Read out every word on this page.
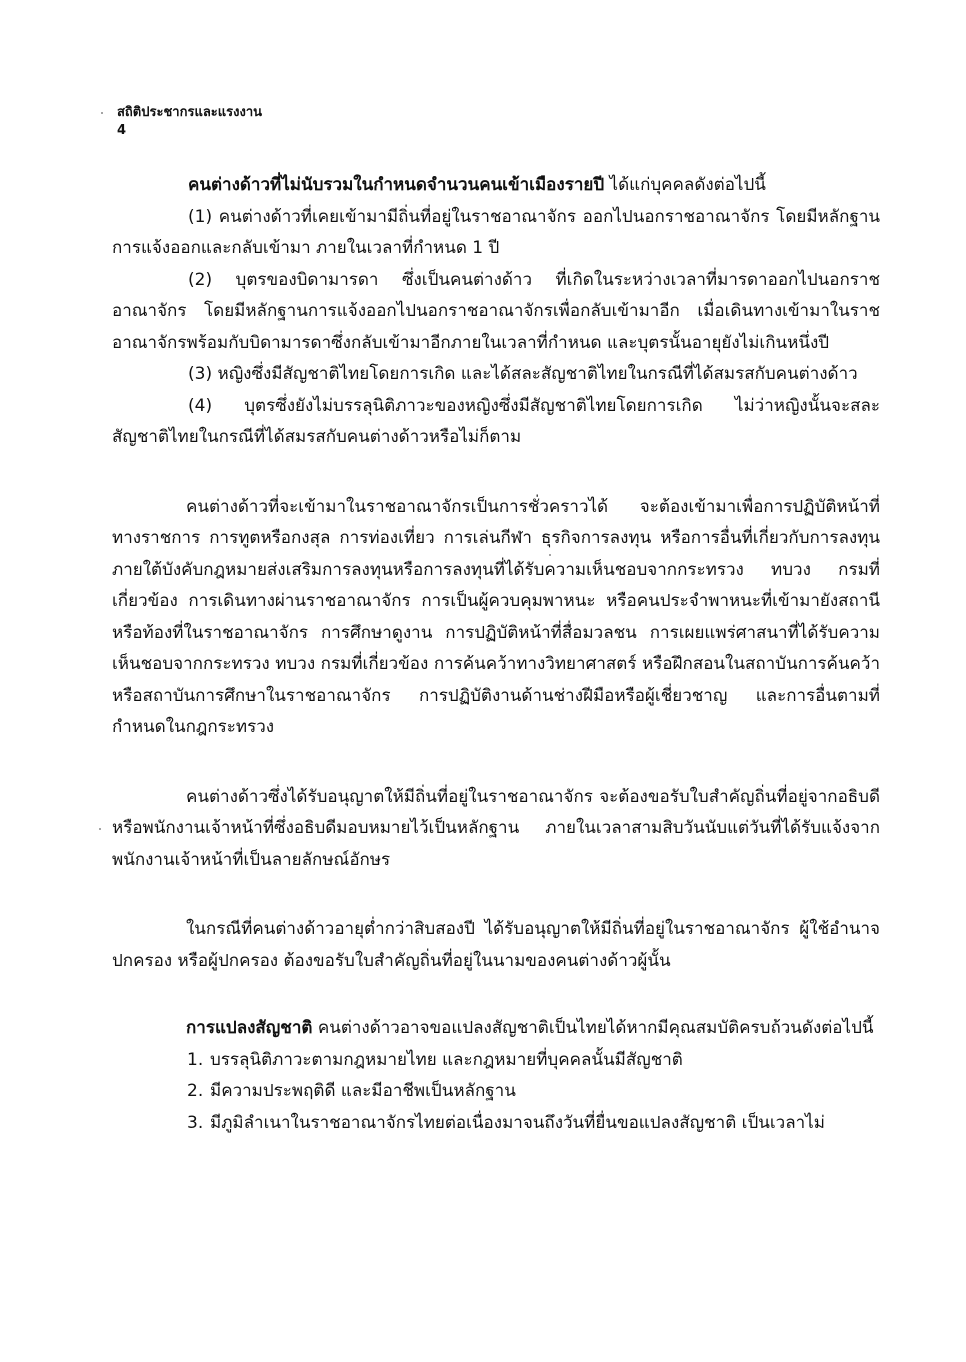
สถิติประชากรและแรงงาน
4

คนต่างด้าวที่ไม่นับรวมในกำหนดจำนวนคนเข้าเมืองรายปี ได้แก่บุคคลดังต่อไปนี้

(1) คนต่างด้าวที่เคยเข้ามามีถิ่นที่อยู่ในราชอาณาจักร ออกไปนอกราชอาณาจักร โดยมีหลักฐานการแจ้งออกและกลับเข้ามา ภายในเวลาที่กำหนด 1 ปี

(2) บุตรของบิดามารดา ซึ่งเป็นคนต่างด้าว ที่เกิดในระหว่างเวลาที่มารดาออกไปนอกราชอาณาจักร โดยมีหลักฐานการแจ้งออกไปนอกราชอาณาจักรเพื่อกลับเข้ามาอีก เมื่อเดินทางเข้ามาในราชอาณาจักรพร้อมกับบิดามารดาซึ่งกลับเข้ามาอีกภายในเวลาที่กำหนด และบุตรนั้นอายุยังไม่เกินหนึ่งปี

(3) หญิงซึ่งมีสัญชาติไทยโดยการเกิด และได้สละสัญชาติไทยในกรณีที่ได้สมรสกับคนต่างด้าว

(4) บุตรซึ่งยังไม่บรรลุนิติภาวะของหญิงซึ่งมีสัญชาติไทยโดยการเกิด ไม่ว่าหญิงนั้นจะสละสัญชาติไทยในกรณีที่ได้สมรสกับคนต่างด้าวหรือไม่ก็ตาม

คนต่างด้าวที่จะเข้ามาในราชอาณาจักรเป็นการชั่วคราวได้ จะต้องเข้ามาเพื่อการปฏิบัติหน้าที่ทางราชการ การทูตหรือกงสุล การท่องเที่ยว การเล่นกีฬา ธุรกิจการลงทุน หรือการอื่นที่เกี่ยวกับการลงทุนภายใต้บังคับกฎหมายส่งเสริมการลงทุนหรือการลงทุนที่ได้รับความเห็นชอบจากกระทรวง ทบวง กรมที่เกี่ยวข้อง การเดินทางผ่านราชอาณาจักร การเป็นผู้ควบคุมพาหนะ หรือคนประจำพาหนะที่เข้ามายังสถานีหรือท้องที่ในราชอาณาจักร การศึกษาดูงาน การปฏิบัติหน้าที่สื่อมวลชน การเผยแพร่ศาสนาที่ได้รับความเห็นชอบจากกระทรวง ทบวง กรมที่เกี่ยวข้อง การค้นคว้าทางวิทยาศาสตร์ หรือฝึกสอนในสถาบันการค้นคว้าหรือสถาบันการศึกษาในราชอาณาจักร การปฏิบัติงานด้านช่างฝีมือหรือผู้เชี่ยวชาญ และการอื่นตามที่กำหนดในกฎกระทรวง

คนต่างด้าวซึ่งได้รับอนุญาตให้มีถิ่นที่อยู่ในราชอาณาจักร จะต้องขอรับใบสำคัญถิ่นที่อยู่จากอธิบดีหรือพนักงานเจ้าหน้าที่ซึ่งอธิบดีมอบหมายไว้เป็นหลักฐาน ภายในเวลาสามสิบวันนับแต่วันที่ได้รับแจ้งจากพนักงานเจ้าหน้าที่เป็นลายลักษณ์อักษร

ในกรณีที่คนต่างด้าวอายุต่ำกว่าสิบสองปี ได้รับอนุญาตให้มีถิ่นที่อยู่ในราชอาณาจักร ผู้ใช้อำนาจปกครอง หรือผู้ปกครอง ต้องขอรับใบสำคัญถิ่นที่อยู่ในนามของคนต่างด้าวผู้นั้น

การแปลงสัญชาติ คนต่างด้าวอาจขอแปลงสัญชาติเป็นไทยได้หากมีคุณสมบัติครบถ้วนดังต่อไปนี้

1. บรรลุนิติภาวะตามกฎหมายไทย และกฎหมายที่บุคคลนั้นมีสัญชาติ
2. มีความประพฤติดี และมีอาชีพเป็นหลักฐาน
3. มีภูมิลำเนาในราชอาณาจักรไทยต่อเนื่องมาจนถึงวันที่ยื่นขอแปลงสัญชาติ เป็นเวลาไม่
